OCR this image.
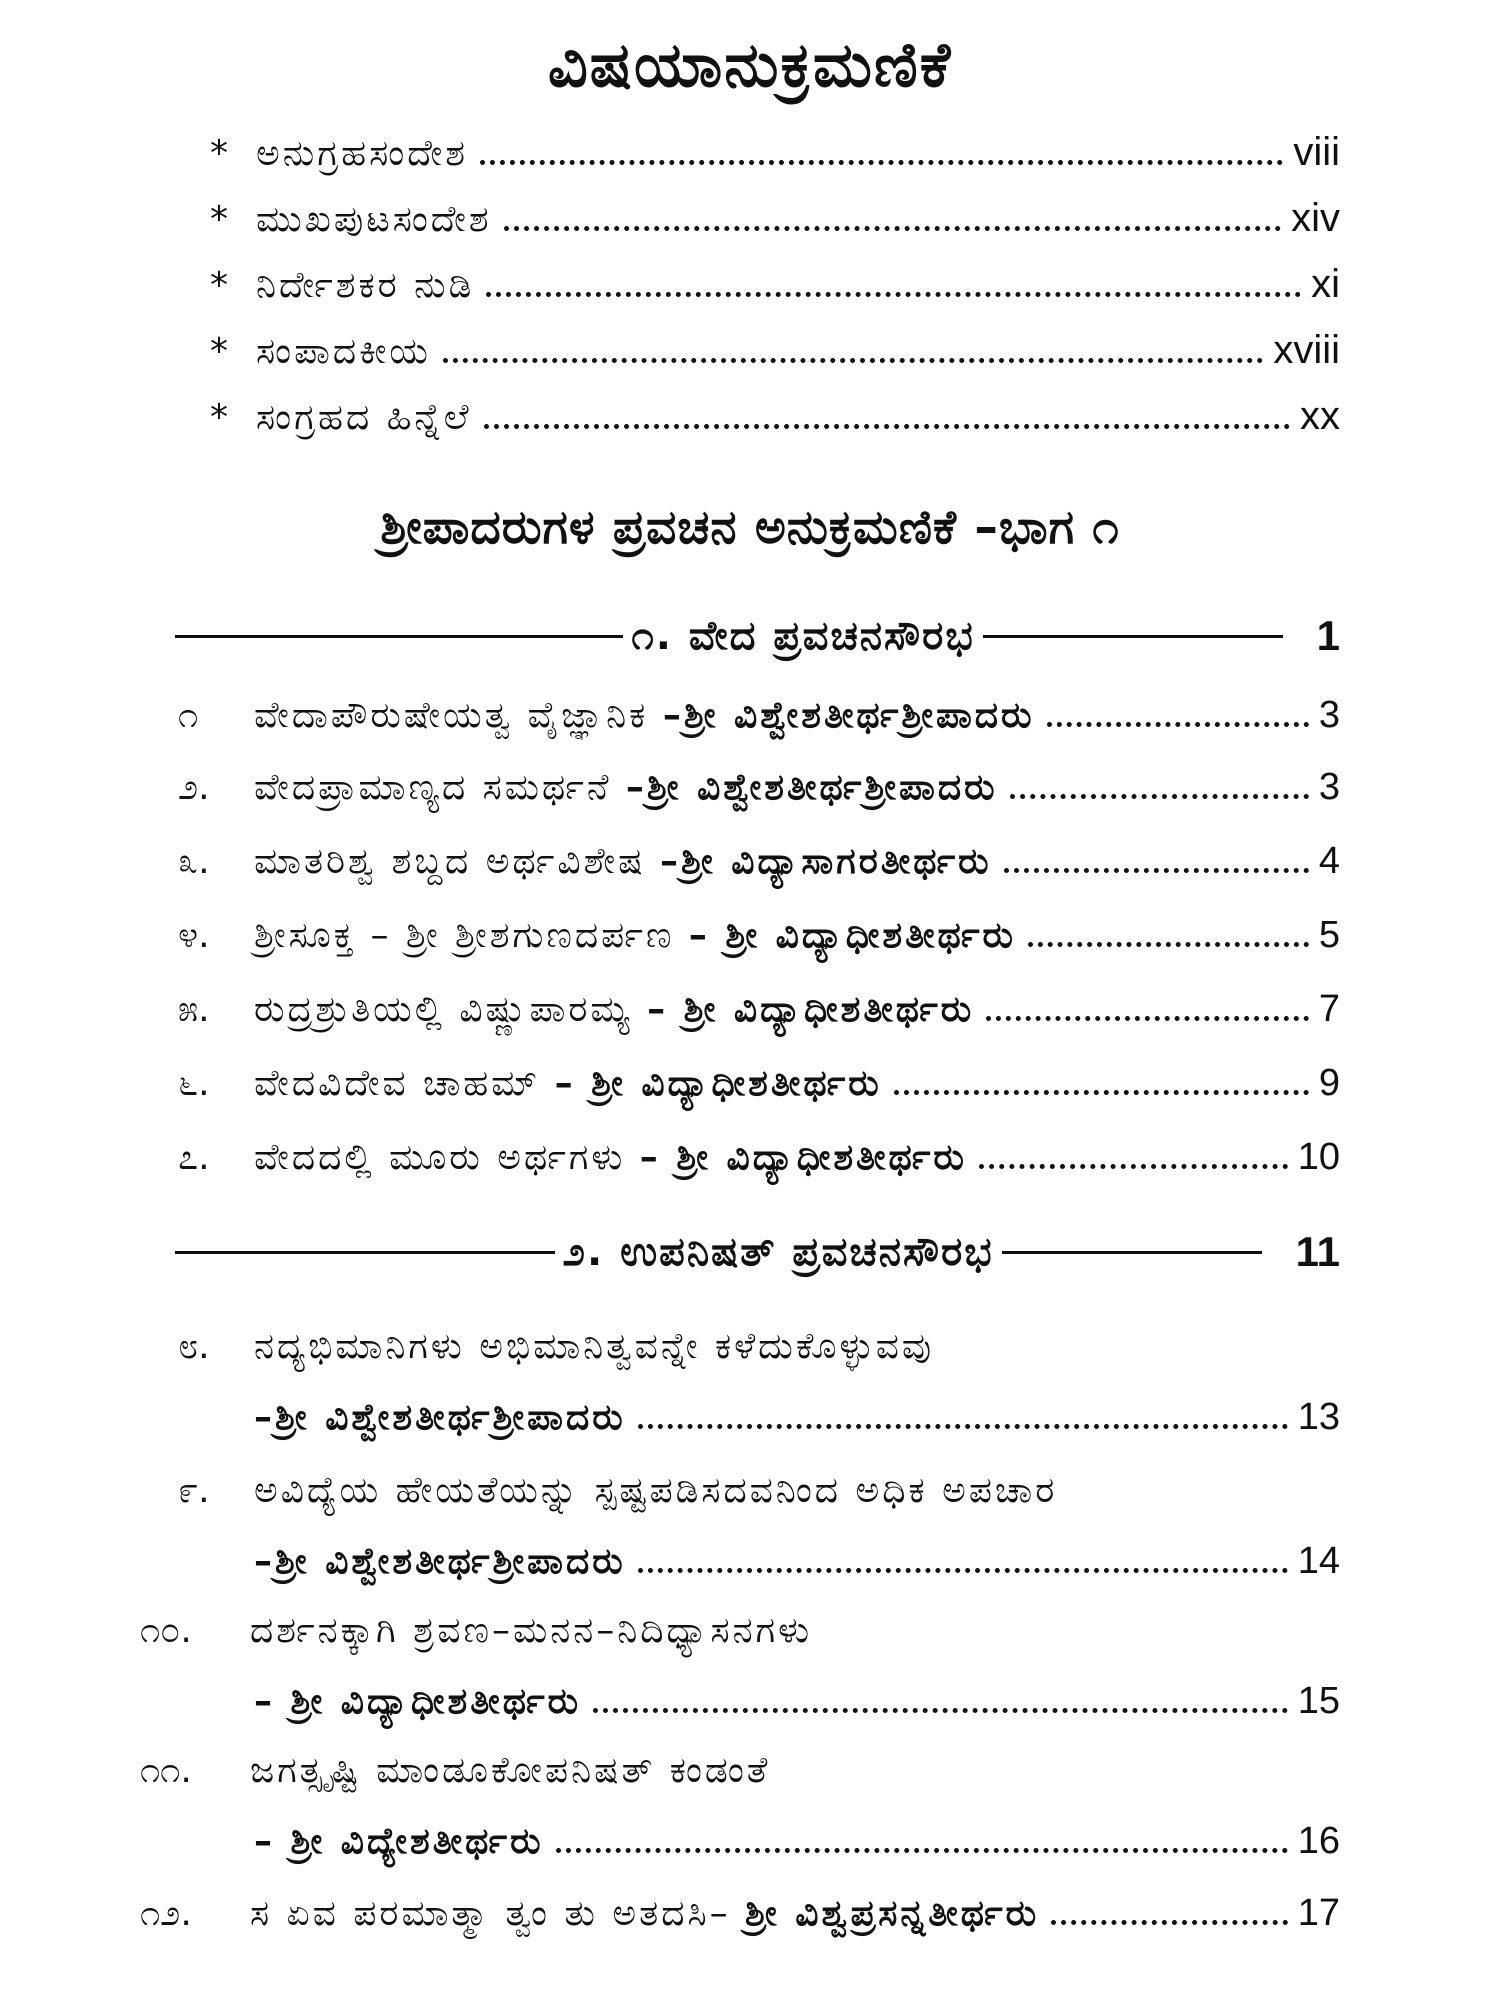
ವಿಷಯಾನುಕ್ರಮಣಿಕೆ
* ಅನುಗ್ರಹಸಂದೇಶ	viii
* ಮುಖಪುಟಸಂದೇಶ	xiv
* ನಿರ್ದೇಶಕರ ನುಡಿ	xi
* ಸಂಪಾದಕೀಯ	xviii
* ಸಂಗ್ರಹದ ಹಿನ್ನೆಲೆ	xx
ಶ್ರೀಪಾದರುಗಳ ಪ್ರವಚನ ಅನುಕ್ರಮಣಿಕೆ –ಭಾಗ ೧
೧. ವೇದ ಪ್ರವಚನಸೌರಭ	1
೧ ವೇದಾಪೌರುಷೇಯತ್ವ ವೈಜ್ಞಾನಿಕ –ಶ್ರೀ ವಿಶ್ವೇಶತೀರ್ಥಶ್ರೀಪಾದರು	3
೨. ವೇದಪ್ರಾಮಾಣ್ಯದ ಸಮರ್ಥನೆ –ಶ್ರೀ ವಿಶ್ವೇಶತೀರ್ಥಶ್ರೀಪಾದರು	3
೩. ಮಾತರಿಶ್ವ ಶಬ್ದದ ಅರ್ಥವಿಶೇಷ –ಶ್ರೀ ವಿದ್ಯಾಸಾಗರತೀರ್ಥರು	4
೪. ಶ್ರೀಸೂಕ್ತ – ಶ್ರೀ ಶ್ರೀಶಗುಣದರ್ಪಣ – ಶ್ರೀ ವಿದ್ಯಾಧೀಶತೀರ್ಥರು	5
೫. ರುದ್ರಶ್ರುತಿಯಲ್ಲಿ ವಿಷ್ಣುಪಾರಮ್ಯ – ಶ್ರೀ ವಿದ್ಯಾಧೀಶತೀರ್ಥರು	7
೬. ವೇದವಿದೇವ ಚಾಹಮ್ – ಶ್ರೀ ವಿದ್ಯಾಧೀಶತೀರ್ಥರು	9
೭. ವೇದದಲ್ಲಿ ಮೂರು ಅರ್ಥಗಳು – ಶ್ರೀ ವಿದ್ಯಾಧೀಶತೀರ್ಥರು	10
೨. ಉಪನಿಷತ್ ಪ್ರವಚನಸೌರಭ	11
೮. ನದ್ಯಭಿಮಾನಿಗಳು ಅಭಿಮಾನಿತ್ವವನ್ನೇ ಕಳೆದುಕೊಳ್ಳುವವು
–ಶ್ರೀ ವಿಶ್ವೇಶತೀರ್ಥಶ್ರೀಪಾದರು	13
೯. ಅವಿದ್ಯೆಯ ಹೇಯತೆಯನ್ನು ಸ್ಪಷ್ಟಪಡಿಸದವನಿಂದ ಅಧಿಕ ಅಪಚಾರ
–ಶ್ರೀ ವಿಶ್ವೇಶತೀರ್ಥಶ್ರೀಪಾದರು	14
೧೦. ದರ್ಶನಕ್ಕಾಗಿ ಶ್ರವಣ–ಮನನ–ನಿದಿಧ್ಯಾಸನಗಳು
– ಶ್ರೀ ವಿದ್ಯಾಧೀಶತೀರ್ಥರು	15
೧೧. ಜಗತ್ಸೃಷ್ಟಿ ಮಾಂಡೂಕೋಪನಿಷತ್ ಕಂಡಂತೆ
– ಶ್ರೀ ವಿದ್ಯೇಶತೀರ್ಥರು	16
೧೨. ಸ ಏವ ಪರಮಾತ್ಮಾ ತ್ವಂ ತು ಅತದಸಿ– ಶ್ರೀ ವಿಶ್ವಪ್ರಸನ್ನತೀರ್ಥರು	17
